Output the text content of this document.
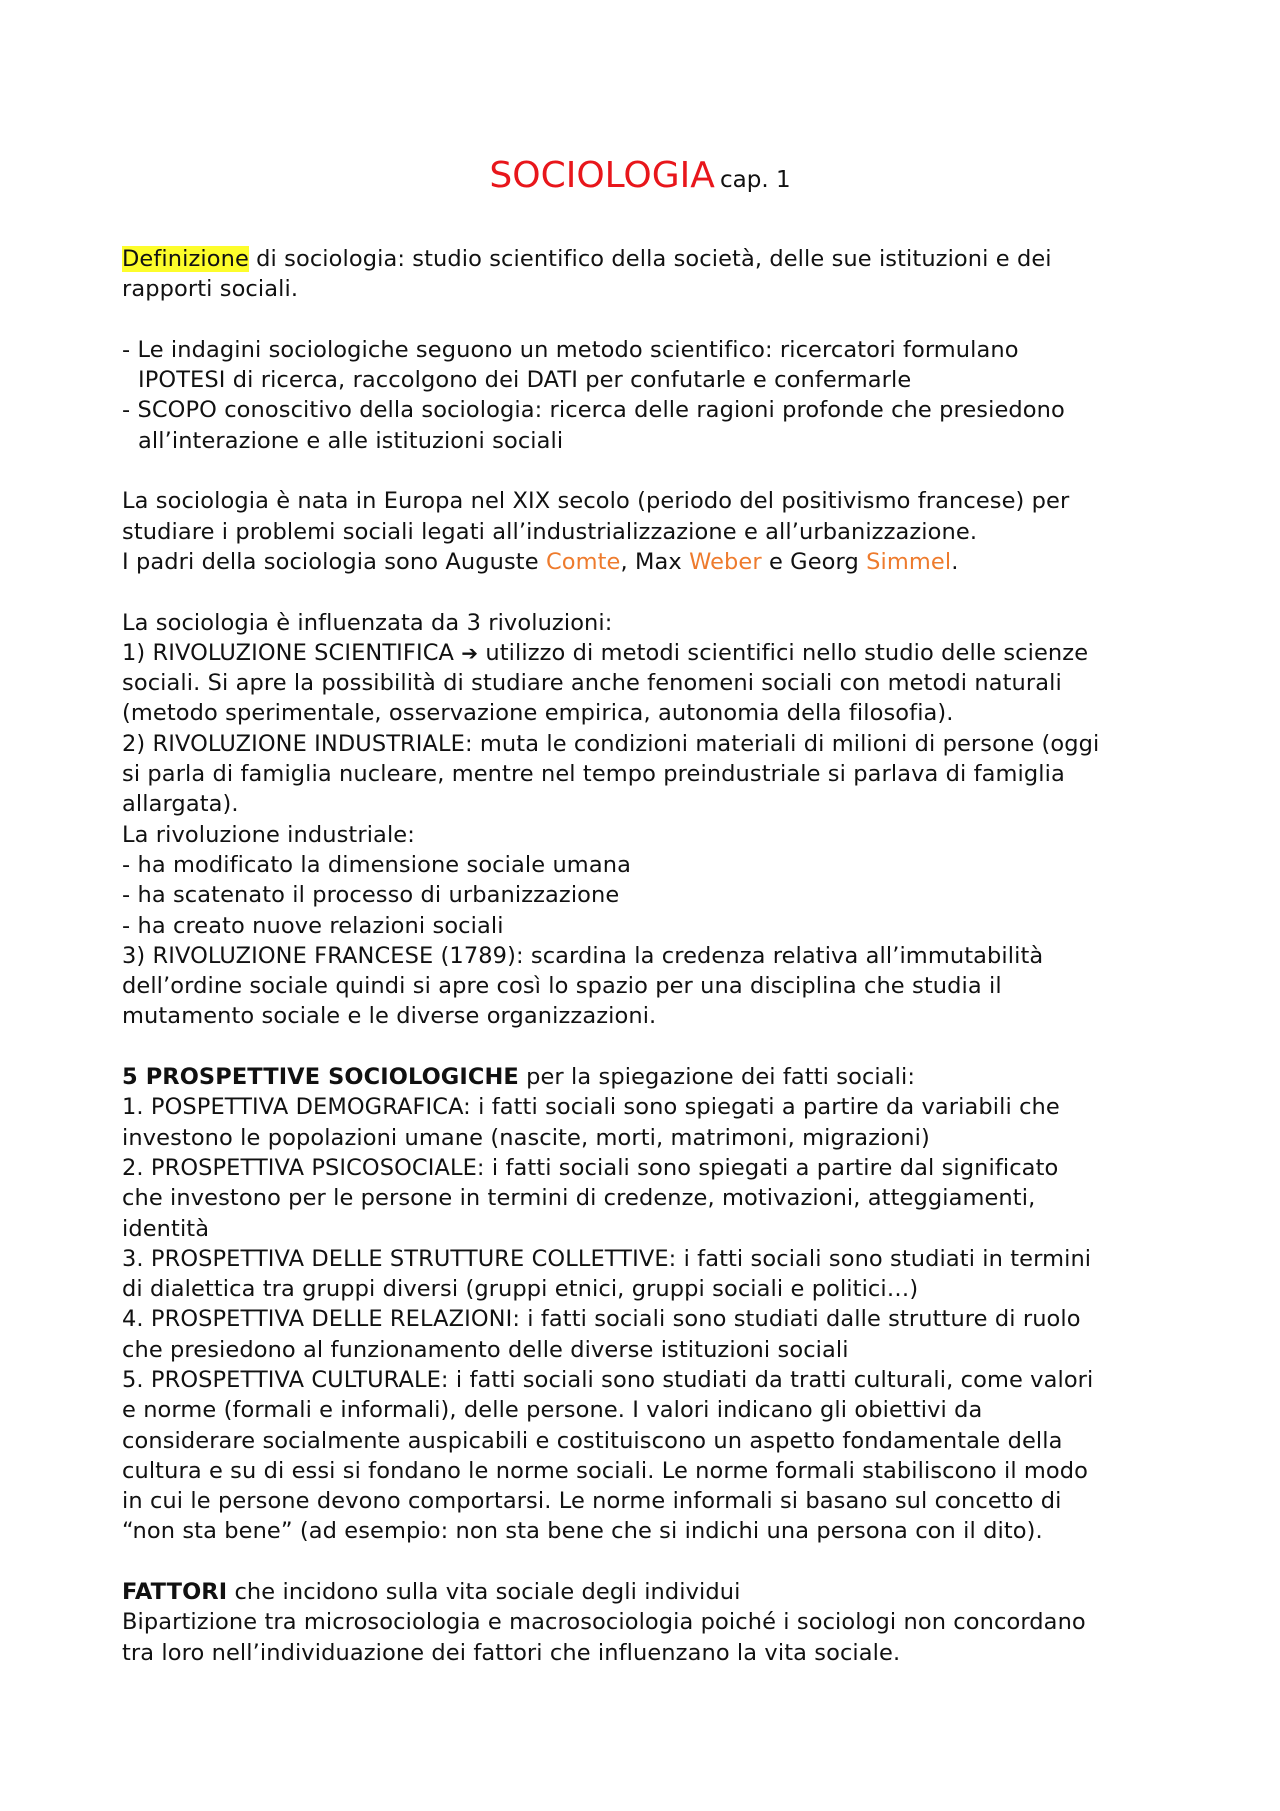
SOCIOLOGIA cap. 1
Definizione di sociologia: studio scientifico della società, delle sue istituzioni e dei
rapporti sociali.
- Le indagini sociologiche seguono un metodo scientifico: ricercatori formulano
IPOTESI di ricerca, raccolgono dei DATI per confutarle e confermarle
- SCOPO conoscitivo della sociologia: ricerca delle ragioni profonde che presiedono
all’interazione e alle istituzioni sociali
La sociologia è nata in Europa nel XIX secolo (periodo del positivismo francese) per
studiare i problemi sociali legati all’industrializzazione e all’urbanizzazione.
I padri della sociologia sono Auguste Comte, Max Weber e Georg Simmel.
La sociologia è influenzata da 3 rivoluzioni:
1) RIVOLUZIONE SCIENTIFICA ➔ utilizzo di metodi scientifici nello studio delle scienze
sociali. Si apre la possibilità di studiare anche fenomeni sociali con metodi naturali
(metodo sperimentale, osservazione empirica, autonomia della filosofia).
2) RIVOLUZIONE INDUSTRIALE: muta le condizioni materiali di milioni di persone (oggi
si parla di famiglia nucleare, mentre nel tempo preindustriale si parlava di famiglia
allargata).
La rivoluzione industriale:
- ha modificato la dimensione sociale umana
- ha scatenato il processo di urbanizzazione
- ha creato nuove relazioni sociali
3) RIVOLUZIONE FRANCESE (1789): scardina la credenza relativa all’immutabilità
dell’ordine sociale quindi si apre così lo spazio per una disciplina che studia il
mutamento sociale e le diverse organizzazioni.
5 PROSPETTIVE SOCIOLOGICHE per la spiegazione dei fatti sociali:
1. POSPETTIVA DEMOGRAFICA: i fatti sociali sono spiegati a partire da variabili che
investono le popolazioni umane (nascite, morti, matrimoni, migrazioni)
2. PROSPETTIVA PSICOSOCIALE: i fatti sociali sono spiegati a partire dal significato
che investono per le persone in termini di credenze, motivazioni, atteggiamenti,
identità
3. PROSPETTIVA DELLE STRUTTURE COLLETTIVE: i fatti sociali sono studiati in termini
di dialettica tra gruppi diversi (gruppi etnici, gruppi sociali e politici…)
4. PROSPETTIVA DELLE RELAZIONI: i fatti sociali sono studiati dalle strutture di ruolo
che presiedono al funzionamento delle diverse istituzioni sociali
5. PROSPETTIVA CULTURALE: i fatti sociali sono studiati da tratti culturali, come valori
e norme (formali e informali), delle persone. I valori indicano gli obiettivi da
considerare socialmente auspicabili e costituiscono un aspetto fondamentale della
cultura e su di essi si fondano le norme sociali. Le norme formali stabiliscono il modo
in cui le persone devono comportarsi. Le norme informali si basano sul concetto di
“non sta bene” (ad esempio: non sta bene che si indichi una persona con il dito).
FATTORI che incidono sulla vita sociale degli individui
Bipartizione tra microsociologia e macrosociologia poiché i sociologi non concordano
tra loro nell’individuazione dei fattori che influenzano la vita sociale.
